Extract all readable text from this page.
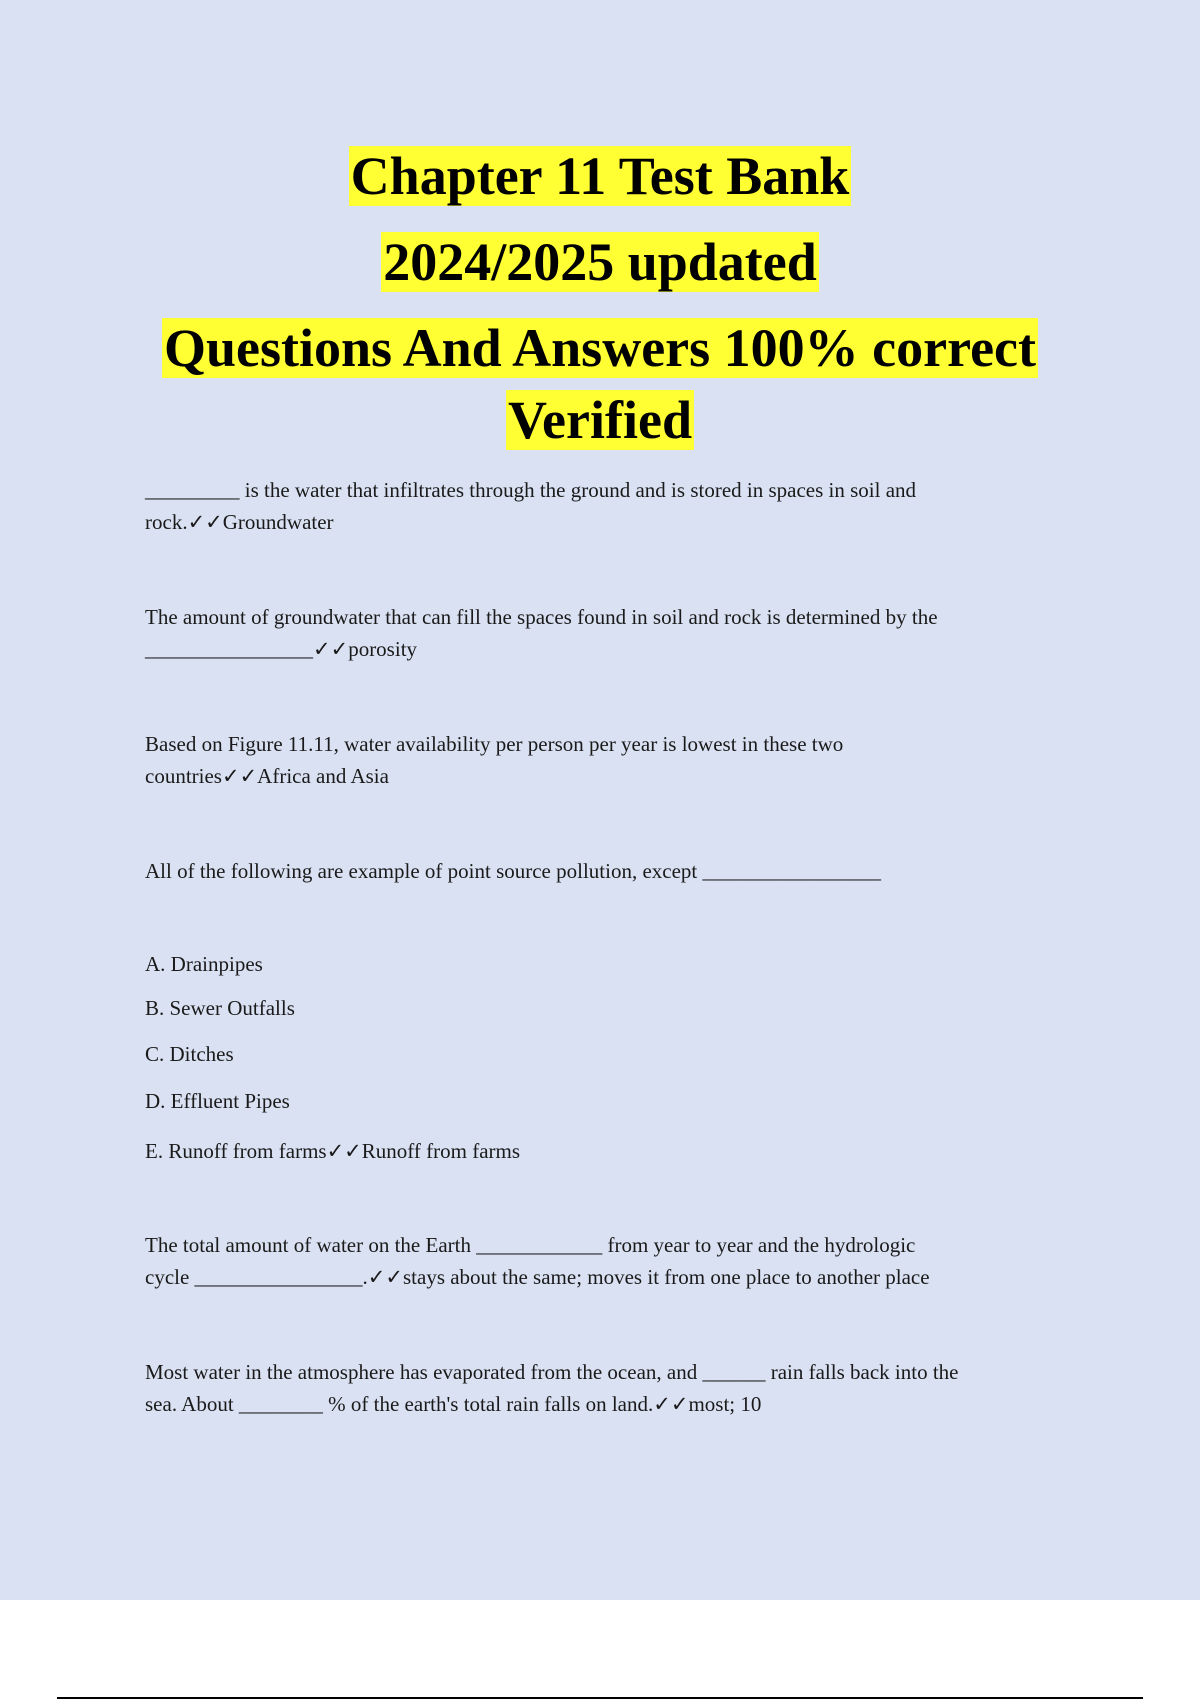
Chapter 11 Test Bank
2024/2025 updated
Questions And Answers 100% correct
Verified
_________ is the water that infiltrates through the ground and is stored in spaces in soil and
rock.✓✓Groundwater
The amount of groundwater that can fill the spaces found in soil and rock is determined by the
________________✓✓porosity
Based on Figure 11.11, water availability per person per year is lowest in these two
countries✓✓Africa and Asia
All of the following are example of point source pollution, except _________________
A. Drainpipes
B. Sewer Outfalls
C. Ditches
D. Effluent Pipes
E. Runoff from farms✓✓Runoff from farms
The total amount of water on the Earth ____________ from year to year and the hydrologic
cycle ________________.✓✓stays about the same; moves it from one place to another place
Most water in the atmosphere has evaporated from the ocean, and ______ rain falls back into the
sea. About ________ % of the earth's total rain falls on land.✓✓most; 10
